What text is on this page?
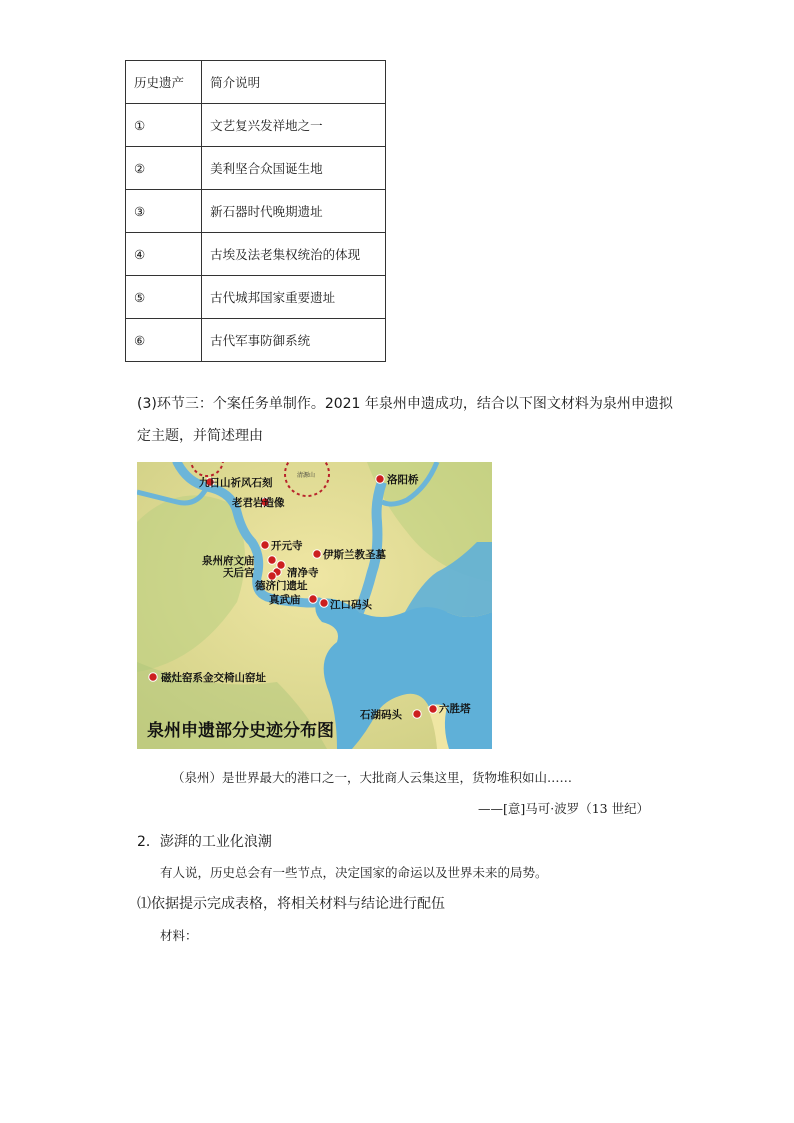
历史遗产	简介说明
①	文艺复兴发祥地之一
②	美利坚合众国诞生地
③	新石器时代晚期遗址
④	古埃及法老集权统治的体现
⑤	古代城邦国家重要遗址
⑥	古代军事防御系统
(3)环节三：个案任务单制作。2021 年泉州申遗成功，结合以下图文材料为泉州申遗拟
定主题，并简述理由
清源山
九日山祈风石刻
老君岩造像
洛阳桥
开元寺
泉州府文庙	伊斯兰教圣墓
天后宫	清净寺
德济门遗址
真武庙	江口码头
磁灶窑系金交椅山窑址
石湖码头	六胜塔
泉州申遗部分史迹分布图
（泉州）是世界最大的港口之一，大批商人云集这里，货物堆积如山……
——[意]马可·波罗（13 世纪）
2．澎湃的工业化浪潮
有人说，历史总会有一些节点，决定国家的命运以及世界未来的局势。
⑴依据提示完成表格，将相关材料与结论进行配伍
材料：
